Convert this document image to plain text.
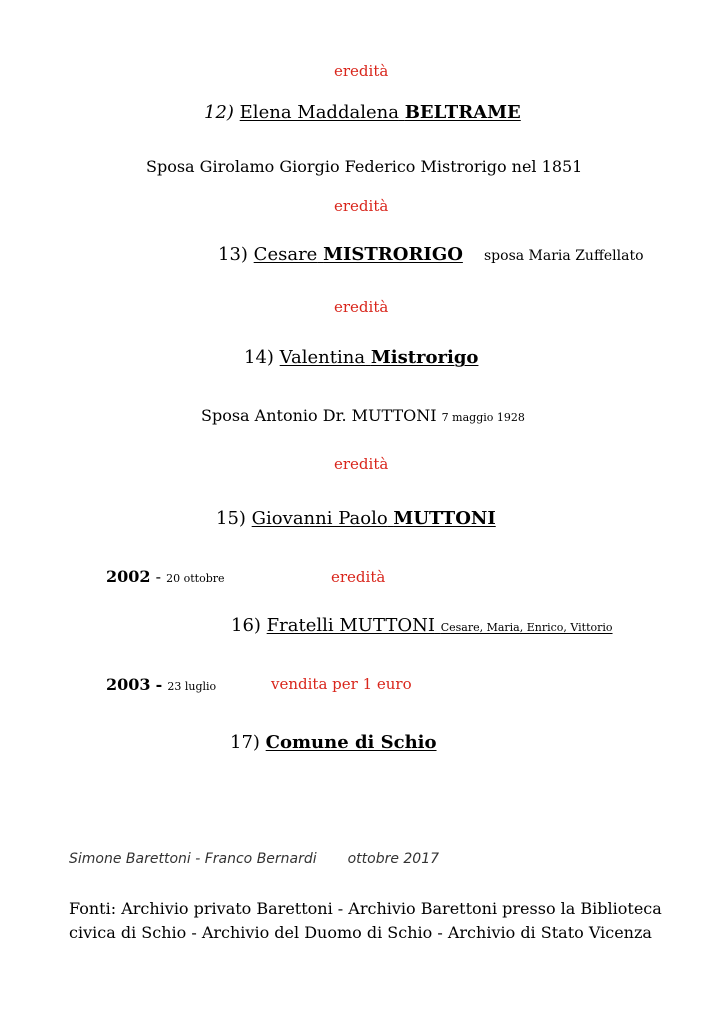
eredità
12) Elena Maddalena BELTRAME
Sposa Girolamo Giorgio Federico Mistrorigo nel 1851
eredità
13) Cesare MISTRORIGO sposa Maria Zuffellato
eredità
14) Valentina Mistrorigo
Sposa Antonio Dr. MUTTONI 7 maggio 1928
eredità
15) Giovanni Paolo MUTTONI
2002 - 20 ottobre	eredità
16) Fratelli MUTTONI Cesare, Maria, Enrico, Vittorio
2003 - 23 luglio	vendita per 1 euro
17) Comune di Schio
Simone Barettoni - Franco Bernardi ottobre 2017
Fonti: Archivio privato Barettoni - Archivio Barettoni presso la Biblioteca civica di Schio - Archivio del Duomo di Schio - Archivio di Stato Vicenza
